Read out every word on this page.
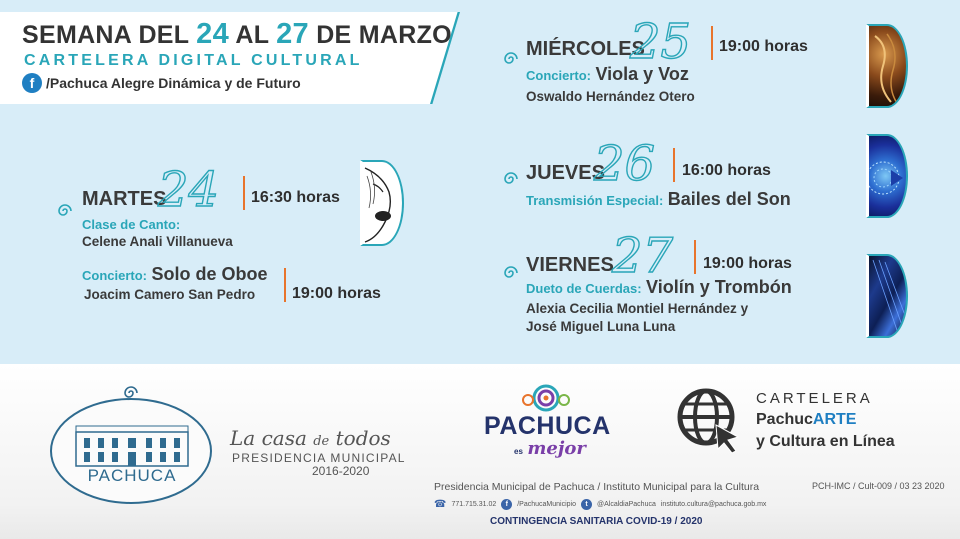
SEMANA DEL 24 AL 27 DE MARZO
CARTELERA DIGITAL CULTURAL
f /Pachuca Alegre Dinámica y de Futuro
MIÉRCOLES
25 19:00 horas
Concierto: Viola y Voz
Oswaldo Hernández Otero
JUEVES
26 16:00 horas
Transmisión Especial: Bailes del Son
VIERNES
27 19:00 horas
Dueto de Cuerdas: Violín y Trombón
Alexia Cecilia Montiel Hernández y
José Miguel Luna Luna
MARTES
24 16:30 horas
Clase de Canto:
Celene Anali Villanueva
Concierto: Solo de Oboe
Joacim Camero San Pedro 19:00 horas
PACHUCA
La casa de todos
PRESIDENCIA MUNICIPAL
2016-2020
PACHUCA
es mejor
CARTELERA
PachucARTE
y Cultura en Línea
Presidencia Municipal de Pachuca / Instituto Municipal para la Cultura	PCH-IMC / Cult-009 / 03 23 2020
☎ 771.715.31.02	f	/PachucaMunicipio	t	@AlcaldiaPachuca instituto.cultura@pachuca.gob.mx
CONTINGENCIA SANITARIA COVID-19 / 2020
